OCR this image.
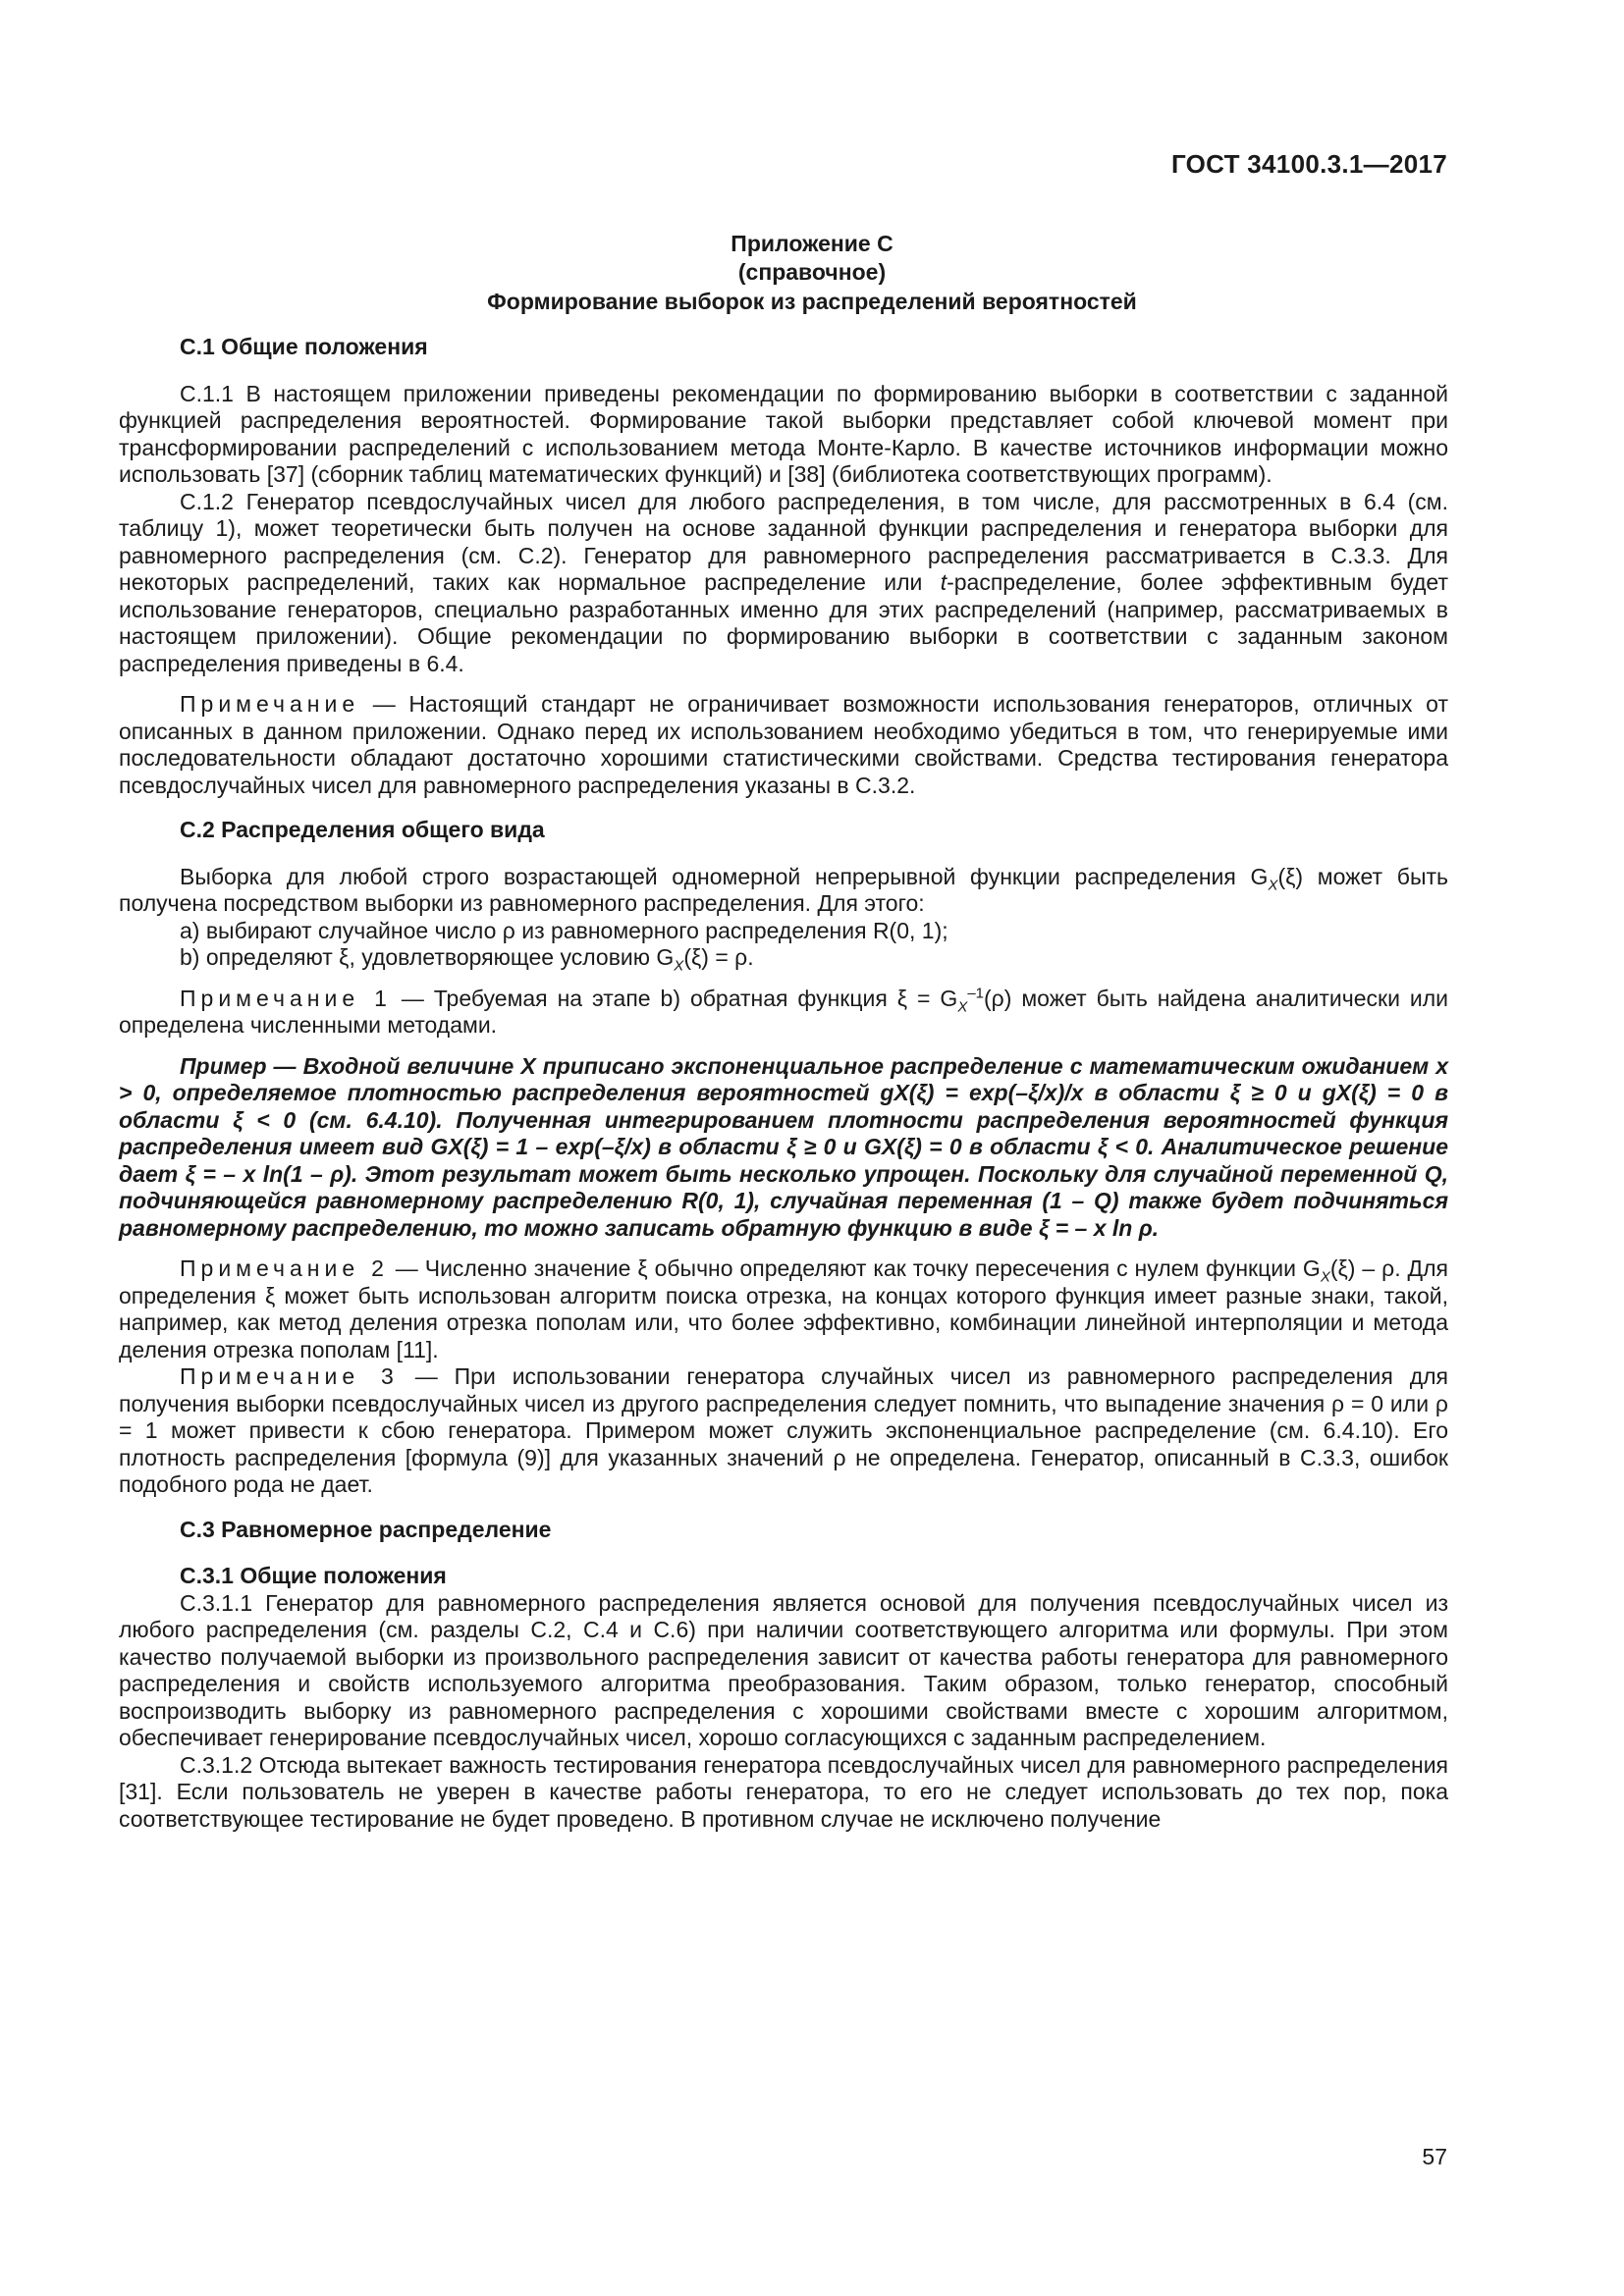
ГОСТ 34100.3.1—2017
Приложение С
(справочное)
Формирование выборок из распределений вероятностей

С.1 Общие положения

С.1.1 В настоящем приложении приведены рекомендации по формированию выборки в соответствии с заданной функцией распределения вероятностей. Формирование такой выборки представляет собой ключевой момент при трансформировании распределений с использованием метода Монте-Карло. В качестве источников информации можно использовать [37] (сборник таблиц математических функций) и [38] (библиотека соответствующих программ).

С.1.2 Генератор псевдослучайных чисел для любого распределения, в том числе, для рассмотренных в 6.4 (см. таблицу 1), может теоретически быть получен на основе заданной функции распределения и генератора выборки для равномерного распределения (см. С.2). Генератор для равномерного распределения рассматривается в С.3.3. Для некоторых распределений, таких как нормальное распределение или t-распределение, более эффективным будет использование генераторов, специально разработанных именно для этих распределений (например, рассматриваемых в настоящем приложении). Общие рекомендации по формированию выборки в соответствии с заданным законом распределения приведены в 6.4.

Примечание — Настоящий стандарт не ограничивает возможности использования генераторов, отличных от описанных в данном приложении. Однако перед их использованием необходимо убедиться в том, что генерируемые ими последовательности обладают достаточно хорошими статистическими свойствами. Средства тестирования генератора псевдослучайных чисел для равномерного распределения указаны в С.3.2.

С.2 Распределения общего вида

Выборка для любой строго возрастающей одномерной непрерывной функции распределения $G_X(\xi)$ может быть получена посредством выборки из равномерного распределения. Для этого:

a) выбирают случайное число ρ из равномерного распределения R(0, 1);

b) определяют ξ, удовлетворяющее условию $G_X(\xi) = \rho$.

Примечание 1 — Требуемая на этапе b) обратная функция $\xi = G_X^{-1}(\rho)$ может быть найдена аналитически или определена численными методами.

Пример — Входной величине X приписано экспоненциальное распределение с математическим ожиданием x > 0, определяемое плотностью распределения вероятностей gX(ξ) = exp(–ξ/x)/x в области ξ ≥ 0 и gX(ξ) = 0 в области ξ < 0 (см. 6.4.10). Полученная интегрированием плотности распределения вероятностей функция распределения имеет вид GX(ξ) = 1 – exp(–ξ/x) в области ξ ≥ 0 и GX(ξ) = 0 в области ξ < 0. Аналитическое решение дает ξ = – x ln(1 – ρ). Этот результат может быть несколько упрощен. Поскольку для случайной переменной Q, подчиняющейся равномерному распределению R(0, 1), случайная переменная (1 – Q) также будет подчиняться равномерному распределению, то можно записать обратную функцию в виде ξ = – x ln ρ.

Примечание 2 — Численно значение ξ обычно определяют как точку пересечения с нулем функции $G_X(\xi)$ – ρ. Для определения ξ может быть использован алгоритм поиска отрезка, на концах которого функция имеет разные знаки, такой, например, как метод деления отрезка пополам или, что более эффективно, комбинации линейной интерполяции и метода деления отрезка пополам [11].

Примечание 3 — При использовании генератора случайных чисел из равномерного распределения для получения выборки псевдослучайных чисел из другого распределения следует помнить, что выпадение значения ρ = 0 или ρ = 1 может привести к сбою генератора. Примером может служить экспоненциальное распределение (см. 6.4.10). Его плотность распределения [формула (9)] для указанных значений ρ не определена. Генератор, описанный в С.3.3, ошибок подобного рода не дает.

С.3 Равномерное распределение

С.3.1 Общие положения

С.3.1.1 Генератор для равномерного распределения является основой для получения псевдослучайных чисел из любого распределения (см. разделы С.2, С.4 и С.6) при наличии соответствующего алгоритма или формулы. При этом качество получаемой выборки из произвольного распределения зависит от качества работы генератора для равномерного распределения и свойств используемого алгоритма преобразования. Таким образом, только генератор, способный воспроизводить выборку из равномерного распределения с хорошими свойствами вместе с хорошим алгоритмом, обеспечивает генерирование псевдослучайных чисел, хорошо согласующихся с заданным распределением.

С.3.1.2 Отсюда вытекает важность тестирования генератора псевдослучайных чисел для равномерного распределения [31]. Если пользователь не уверен в качестве работы генератора, то его не следует использовать до тех пор, пока соответствующее тестирование не будет проведено. В противном случае не исключено получение

57
